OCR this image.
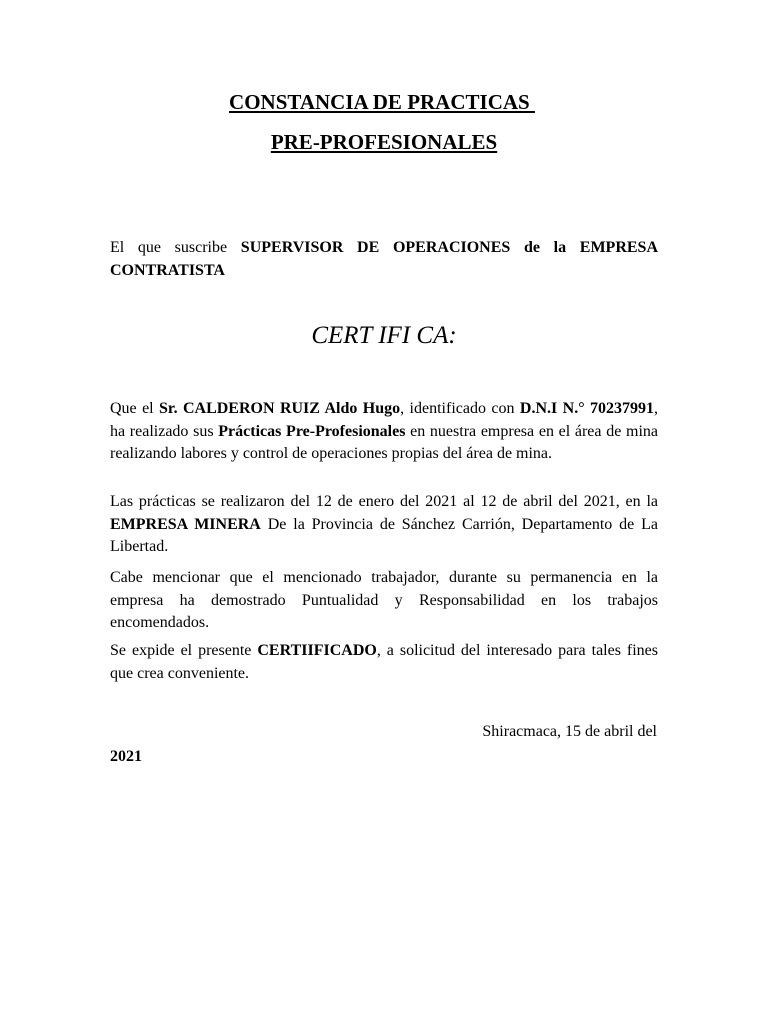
CONSTANCIA DE PRACTICAS
PRE-PROFESIONALES
El que suscribe SUPERVISOR DE OPERACIONES de la EMPRESA CONTRATISTA
CERT IFI CA:
Que el Sr. CALDERON RUIZ Aldo Hugo, identificado con D.N.I N.° 70237991, ha realizado sus Prácticas Pre-Profesionales en nuestra empresa en el área de mina realizando labores y control de operaciones propias del área de mina.
Las prácticas se realizaron del 12 de enero del 2021 al 12 de abril del 2021, en la EMPRESA MINERA De la Provincia de Sánchez Carrión, Departamento de La Libertad.
Cabe mencionar que el mencionado trabajador, durante su permanencia en la empresa ha demostrado Puntualidad y Responsabilidad en los trabajos encomendados.
Se expide el presente CERTIIFICADO, a solicitud del interesado para tales fines que crea conveniente.
Shiracmaca, 15 de abril del
2021
